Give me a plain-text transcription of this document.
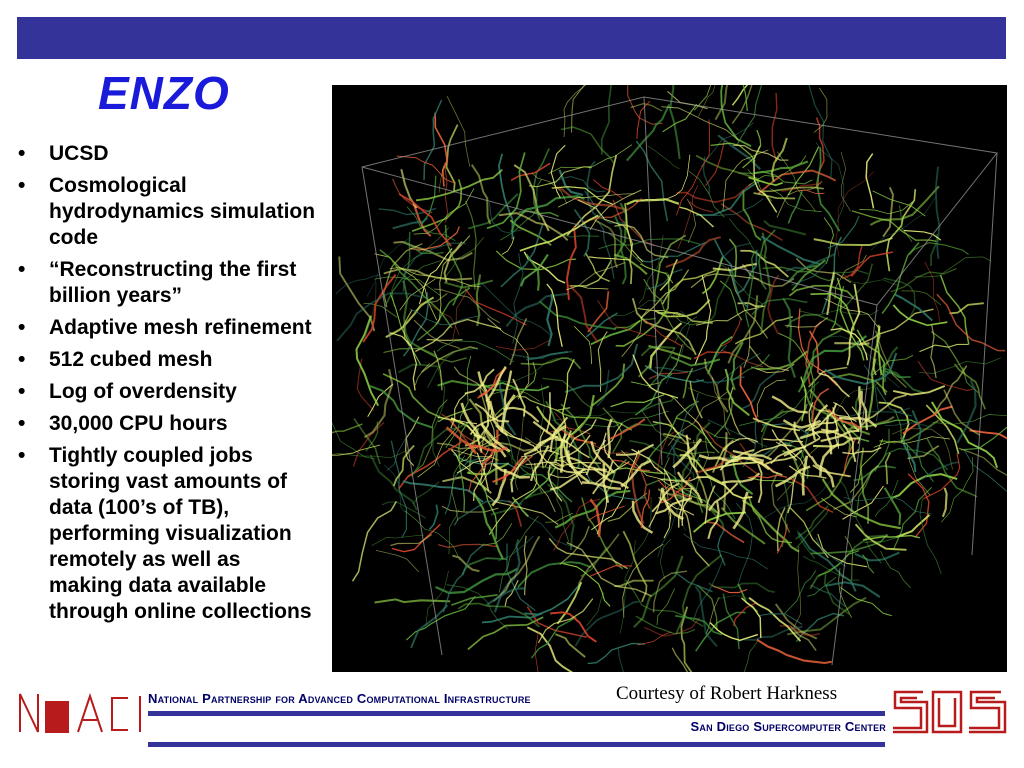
ENZO
• UCSD
• Cosmological hydrodynamics simulation code
• “Reconstructing the first billion years”
• Adaptive mesh refinement
• 512 cubed mesh
• Log of overdensity
• 30,000 CPU hours
• Tightly coupled jobs storing vast amounts of data (100’s of TB), performing visualization remotely as well as making data available through online collections
Courtesy of Robert Harkness
National Partnership for Advanced Computational Infrastructure
San Diego Supercomputer Center
